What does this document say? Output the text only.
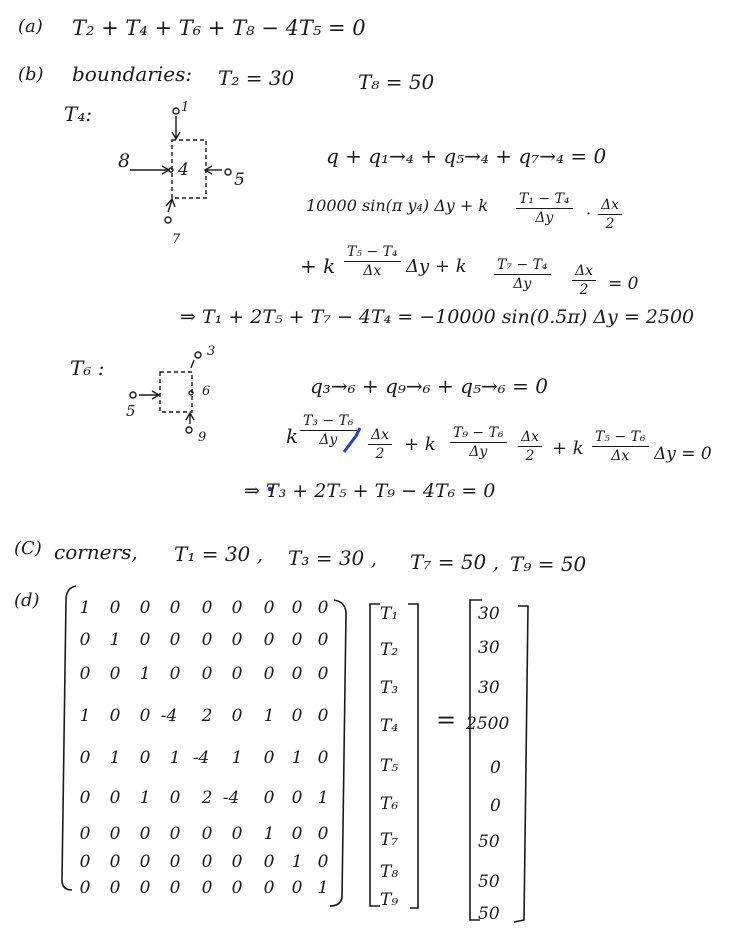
(a) T₂ + T₄ + T₆ + T₈ − 4T₅ = 0
(b) boundaries: T₂ = 30	T₈ = 50
T₄:	1
8	4	5
7
q + q₁→₄ + q₅→₄ + q₇→₄ = 0
10000 sin(π y₄) Δy + k $\frac{\text{T₁ − T₄}}{\Delta y} \cdot \frac{\Delta x}{2}$
+ k $\frac{\text{T₅ − T₄}}{\Delta x}$ Δy + k $\frac{\text{T₇ − T₄}}{\Delta y} \frac{\Delta x}{2} = 0$
⇒ T₁ + 2T₅ + T₇ − 4T₄ = −10000 sin(0.5π) Δy = 2500
T₆ :
3
5
6
9
q₃→₆ + q₉→₆ + q₅→₆ = 0
k $\frac{\text{T₃ − T₆}}{\Delta y} \frac{\Delta x}{2} + k \frac{\text{T₉ − T₆}}{\Delta y} \frac{\Delta x}{2} + k \frac{\text{T₅ − T₆}}{\Delta x}$ Δy = 0
⇒ T₃ + 2T₅ + T₉ − 4T₆ = 0
(C) corners, T₁ = 30 , T₃ = 30 , T₇ = 50 , T₉ = 50
(d)	1	0	0	0	0	0	0	0 0
0	1	0	0	0	0	0	0 0
0	0	1	0	0	0	0	0 0
1	0	0 -4	2	0	1	0 0
0	1	0	1 -4	1	0	1 0
0	0	1	0	2 -4	0	0 1
0	0	0	0	0	0	1	0 0
0	0	0	0	0	0	0	1 0
0	0	0	0	0	0	0	0 1
T₁
T₂
T₃
T₄
T₅
T₆
T₇
T₈
T₉
=
30
30
30
2500
0
0
50
50
50
